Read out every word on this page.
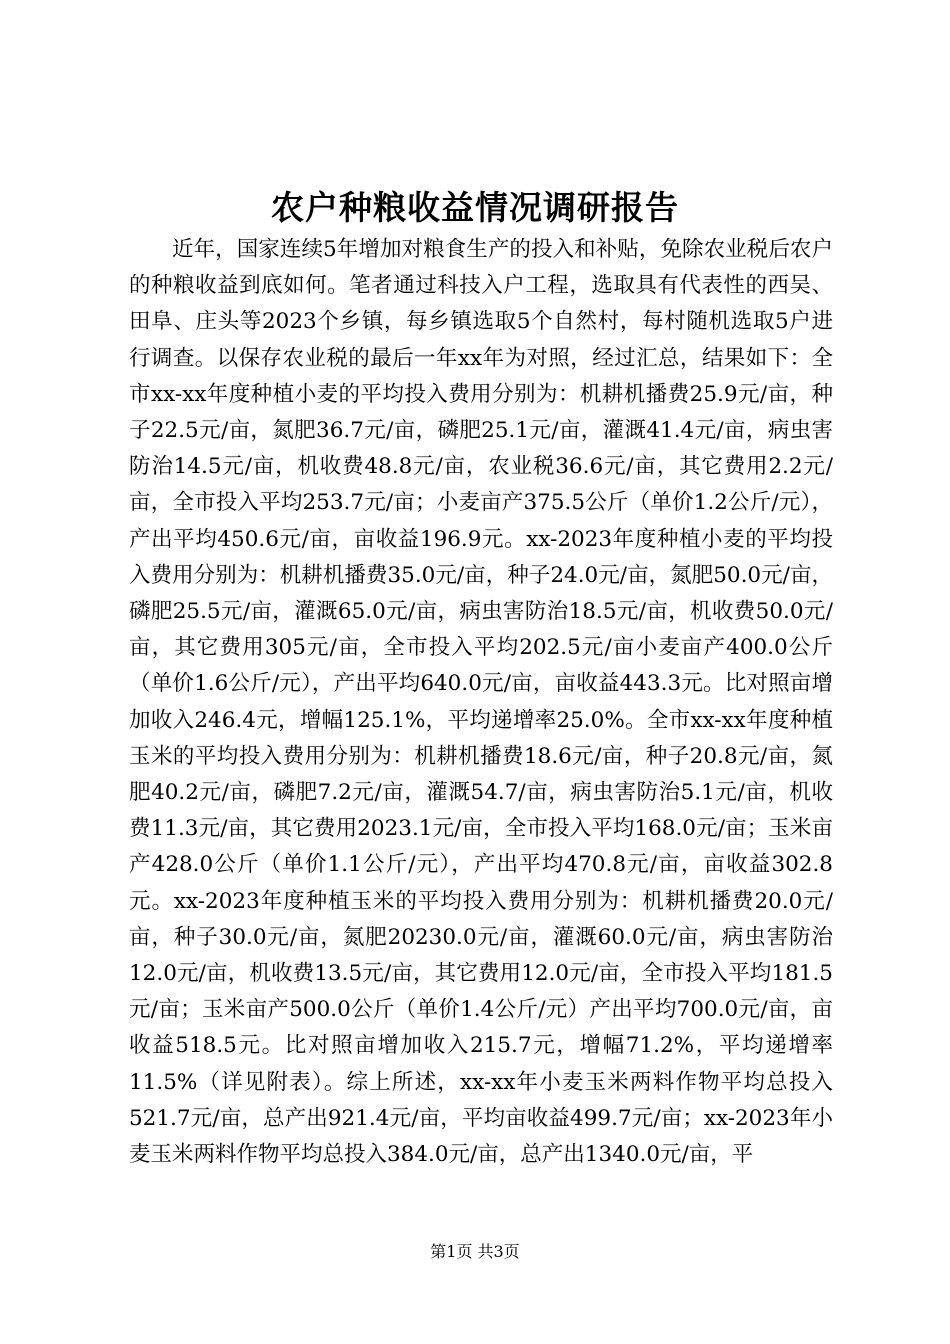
农户种粮收益情况调研报告

近年，国家连续5年增加对粮食生产的投入和补贴，免除农业税后农户的种粮收益到底如何。笔者通过科技入户工程，选取具有代表性的西吴、田阜、庄头等2023个乡镇，每乡镇选取5个自然村，每村随机选取5户进行调查。以保存农业税的最后一年xx年为对照，经过汇总，结果如下：全市xx-xx年度种植小麦的平均投入费用分别为：机耕机播费25.9元/亩，种子22.5元/亩，氮肥36.7元/亩，磷肥25.1元/亩，灌溉41.4元/亩，病虫害防治14.5元/亩，机收费48.8元/亩，农业税36.6元/亩，其它费用2.2元/亩，全市投入平均253.7元/亩；小麦亩产375.5公斤（单价1.2公斤/元），产出平均450.6元/亩，亩收益196.9元。xx-2023年度种植小麦的平均投入费用分别为：机耕机播费35.0元/亩，种子24.0元/亩，氮肥50.0元/亩，磷肥25.5元/亩，灌溉65.0元/亩，病虫害防治18.5元/亩，机收费50.0元/亩，其它费用305元/亩，全市投入平均202.5元/亩小麦亩产400.0公斤（单价1.6公斤/元），产出平均640.0元/亩，亩收益443.3元。比对照亩增加收入246.4元，增幅125.1%，平均递增率25.0%。全市xx-xx年度种植玉米的平均投入费用分别为：机耕机播费18.6元/亩，种子20.8元/亩，氮肥40.2元/亩，磷肥7.2元/亩，灌溉54.7/亩，病虫害防治5.1元/亩，机收费11.3元/亩，其它费用2023.1元/亩，全市投入平均168.0元/亩；玉米亩产428.0公斤（单价1.1公斤/元），产出平均470.8元/亩，亩收益302.8元。xx-2023年度种植玉米的平均投入费用分别为：机耕机播费20.0元/亩，种子30.0元/亩，氮肥20230.0元/亩，灌溉60.0元/亩，病虫害防治12.0元/亩，机收费13.5元/亩，其它费用12.0元/亩，全市投入平均181.5元/亩；玉米亩产500.0公斤（单价1.4公斤/元）产出平均700.0元/亩，亩收益518.5元。比对照亩增加收入215.7元，增幅71.2%，平均递增率11.5%（详见附表）。综上所述，xx-xx年小麦玉米两料作物平均总投入521.7元/亩，总产出921.4元/亩，平均亩收益499.7元/亩；xx-2023年小麦玉米两料作物平均总投入384.0元/亩，总产出1340.0元/亩，平

第1页 共3页
